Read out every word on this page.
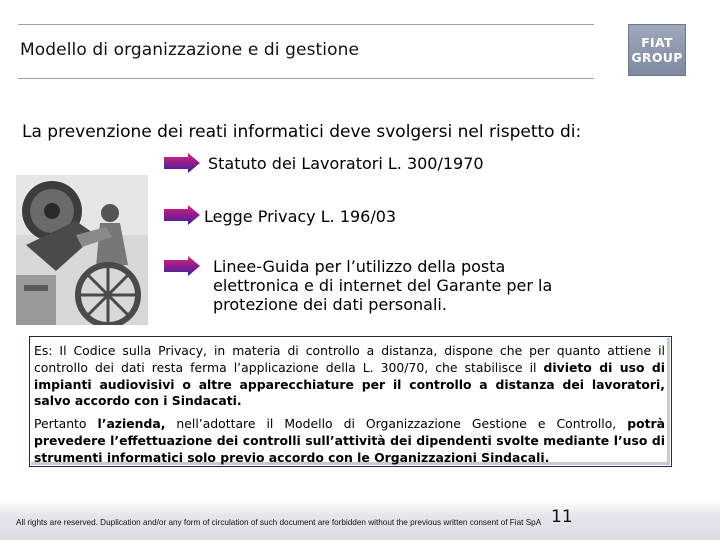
Modello di organizzazione e di gestione	FIAT
GROUP
La prevenzione dei reati informatici deve svolgersi nel rispetto di:
Statuto dei Lavoratori L. 300/1970
Legge Privacy L. 196/03
Linee-Guida per l’utilizzo della posta
elettronica e di internet del Garante per la
protezione dei dati personali.

Es: Il Codice sulla Privacy, in materia di controllo a distanza, dispone che per quanto attiene il controllo dei dati resta ferma l’applicazione della L. 300/70, che stabilisce il divieto di uso di impianti audiovisivi o altre apparecchiature per il controllo a distanza dei lavoratori, salvo accordo con i Sindacati.

Pertanto l’azienda, nell’adottare il Modello di Organizzazione Gestione e Controllo, potrà prevedere l’effettuazione dei controlli sull’attività dei dipendenti svolte mediante l’uso di strumenti informatici solo previo accordo con le Organizzazioni Sindacali.

All rights are reserved. Duplication and/or any form of circulation of such document are forbidden without the previous written consent of Fiat SpA 11
